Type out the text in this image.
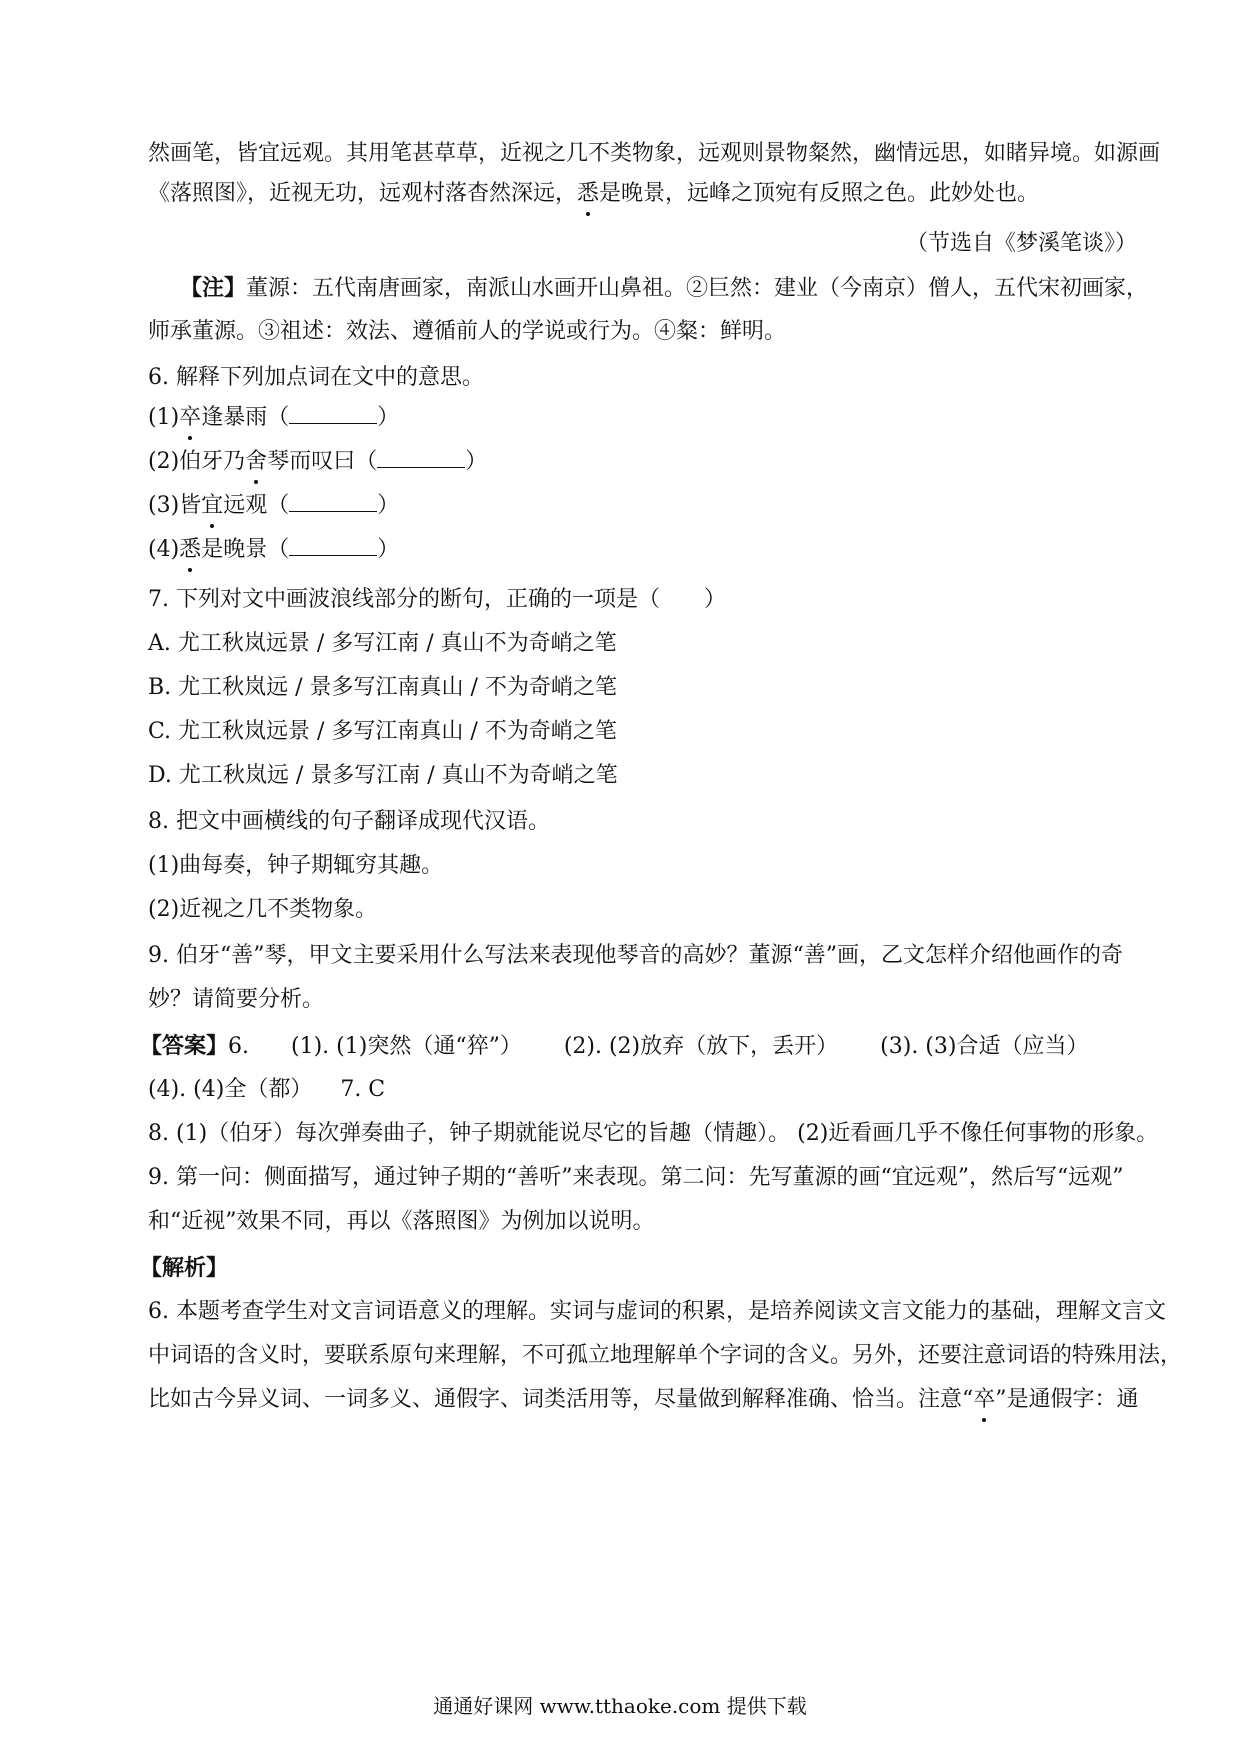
然画笔，皆宜远观。其用笔甚草草，近视之几不类物象，远观则景物粲然，幽情远思，如睹异境。如源画
《落照图》，近视无功，远观村落杳然深远，悉是晚景，远峰之顶宛有反照之色。此妙处也。
（节选自《梦溪笔谈》）
【注】董源：五代南唐画家，南派山水画开山鼻祖。②巨然：建业（今南京）僧人，五代宋初画家，
师承董源。③祖述：效法、遵循前人的学说或行为。④粲：鲜明。
6. 解释下列加点词在文中的意思。
(1)卒逢暴雨（	）
(2)伯牙乃舍琴而叹曰（	）
(3)皆宜远观（	）
(4)悉是晚景（	）
7. 下列对文中画波浪线部分的断句，正确的一项是（　　）
A. 尤工秋岚远景 / 多写江南 / 真山不为奇峭之笔
B. 尤工秋岚远 / 景多写江南真山 / 不为奇峭之笔
C. 尤工秋岚远景 / 多写江南真山 / 不为奇峭之笔
D. 尤工秋岚远 / 景多写江南 / 真山不为奇峭之笔
8. 把文中画横线的句子翻译成现代汉语。
(1)曲每奏，钟子期辄穷其趣。
(2)近视之几不类物象。
9. 伯牙“善”琴，甲文主要采用什么写法来表现他琴音的高妙？董源“善”画，乙文怎样介绍他画作的奇
妙？请简要分析。
【答案】6. (1). (1)突然（通“猝”） (2). (2)放弃（放下，丢开） (3). (3)合适（应当）
(4). (4)全（都） 7. C
8. (1)（伯牙）每次弹奏曲子，钟子期就能说尽它的旨趣（情趣）。 (2)近看画几乎不像任何事物的形象。
9. 第一问：侧面描写，通过钟子期的“善听”来表现。第二问：先写董源的画“宜远观”，然后写“远观”
和“近视”效果不同，再以《落照图》为例加以说明。
【解析】
6. 本题考查学生对文言词语意义的理解。实词与虚词的积累，是培养阅读文言文能力的基础，理解文言文
中词语的含义时，要联系原句来理解，不可孤立地理解单个字词的含义。另外，还要注意词语的特殊用法，
比如古今异义词、一词多义、通假字、词类活用等，尽量做到解释准确、恰当。注意“卒”是通假字：通
通通好课网 www.tthaoke.com 提供下载
